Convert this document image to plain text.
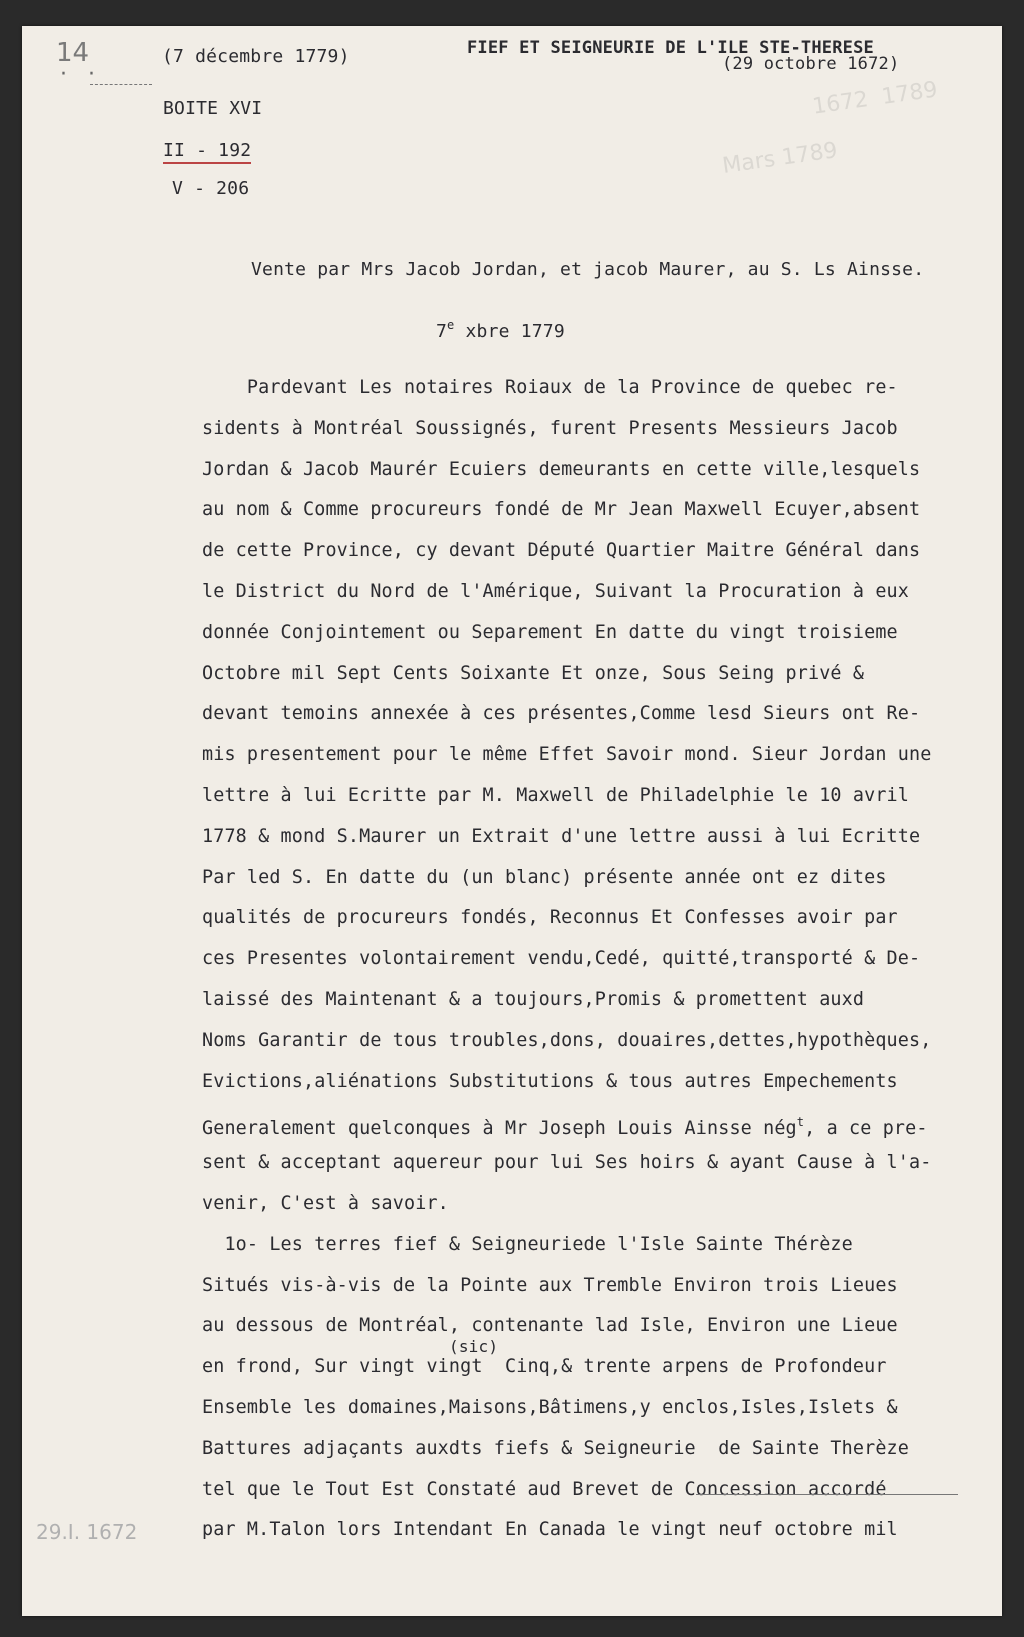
14
·   ·
(7 décembre 1779)	FIEF ET SEIGNEURIE DE L'ILE STE-THERESE
(29 octobre 1672)
BOITE XVI
II - 192
V - 206
1672  1789
Mars 1789
Vente par Mrs Jacob Jordan, et jacob Maurer, au S. Ls Ainsse.
7e xbre 1779
Pardevant Les notaires Roiaux de la Province de quebec re-
sidents à Montréal Soussignés, furent Presents Messieurs Jacob
Jordan & Jacob Maurér Ecuiers demeurants en cette ville,lesquels
au nom & Comme procureurs fondé de Mr Jean Maxwell Ecuyer,absent
de cette Province, cy devant Député Quartier Maitre Général dans
le District du Nord de l'Amérique, Suivant la Procuration à eux
donnée Conjointement ou Separement En datte du vingt troisieme
Octobre mil Sept Cents Soixante Et onze, Sous Seing privé &
devant temoins annexée à ces présentes,Comme lesd Sieurs ont Re-
mis presentement pour le même Effet Savoir mond. Sieur Jordan une
lettre à lui Ecritte par M. Maxwell de Philadelphie le 10 avril
1778 & mond S.Maurer un Extrait d'une lettre aussi à lui Ecritte
Par led S. En datte du (un blanc) présente année ont ez dites
qualités de procureurs fondés, Reconnus Et Confesses avoir par
ces Presentes volontairement vendu,Cedé, quitté,transporté & De-
laissé des Maintenant & a toujours,Promis & promettent auxd
Noms Garantir de tous troubles,dons, douaires,dettes,hypothèques,
Evictions,aliénations Substitutions & tous autres Empechements
Generalement quelconques à Mr Joseph Louis Ainsse nég$^t$, a ce pre-
sent & acceptant aquereur pour lui Ses hoirs & ayant Cause à l'a-
venir, C'est à savoir.
1o- Les terres fief & Seigneuriede l'Isle Sainte Thérèze
Situés vis-à-vis de la Pointe aux Tremble Environ trois Lieues
au dessous de Montréal, contenante lad Isle, Environ une Lieue
en frond, Sur vingt vingt  Cinq,& trente arpens de Profondeur
Ensemble les domaines,Maisons,Bâtimens,y enclos,Isles,Islets &
Battures adjaçants auxdts fiefs & Seigneurie  de Sainte Therèze
tel que le Tout Est Constaté aud Brevet de Concession accordé
par M.Talon lors Intendant En Canada le vingt neuf octobre mil
(sic)
29.I. 1672
